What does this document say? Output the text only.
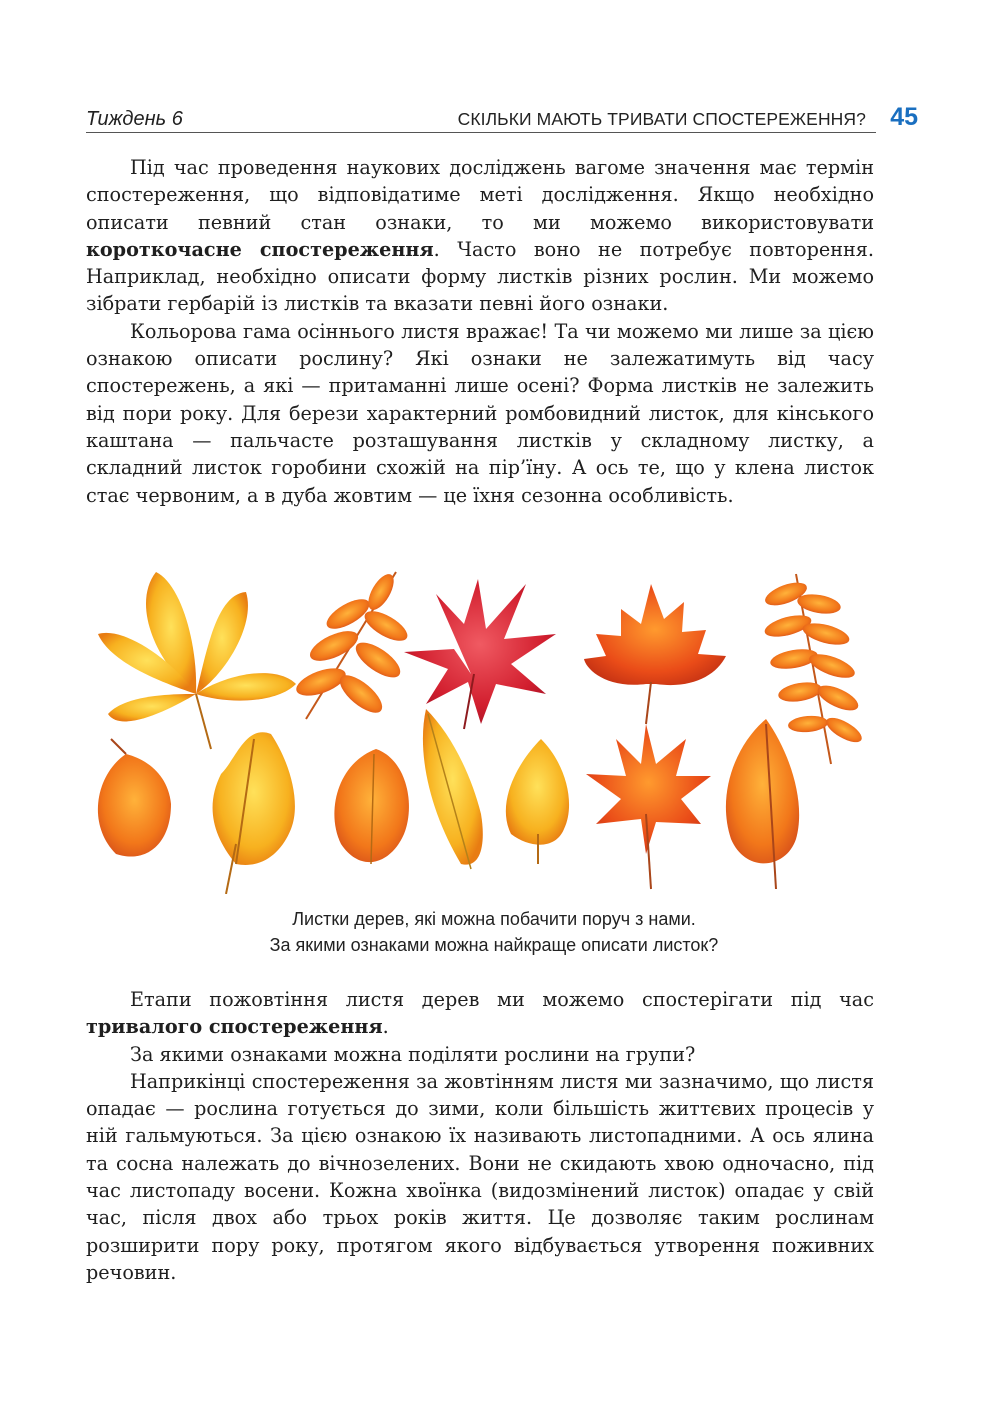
Тиждень 6	СКІЛЬКИ МАЮТЬ ТРИВАТИ СПОСТЕРЕЖЕННЯ? 45

Під час проведення наукових досліджень вагоме значення має термін спостереження, що відповідатиме меті дослідження. Якщо необхідно описати певний стан ознаки, то ми можемо використовувати короткочасне спостереження. Часто воно не потребує повторення. Наприклад, необхідно описати форму листків різних рослин. Ми можемо зібрати гербарій із листків та вказати певні його ознаки.

Кольорова гама осіннього листя вражає! Та чи можемо ми лише за цією ознакою описати рослину? Які ознаки не залежатимуть від часу спостережень, а які — притаманні лише осені? Форма листків не залежить від пори року. Для берези характерний ромбовидний листок, для кінського каштана — пальчасте розташування листків у складному листку, а складний листок горобини схожій на пір’їну. А ось те, що у клена листок стає червоним, а в дуба жовтим — це їхня сезонна особливість.

Листки дерев, які можна побачити поруч з нами.
За якими ознаками можна найкраще описати листок?

Етапи пожовтіння листя дерев ми можемо спостерігати під час тривалого спостереження.

За якими ознаками можна поділяти рослини на групи?

Наприкінці спостереження за жовтінням листя ми зазначимо, що листя опадає — рослина готується до зими, коли більшість життєвих процесів у ній гальмуються. За цією ознакою їх називають листопадними. А ось ялина та сосна належать до вічнозелених. Вони не скидають хвою одночасно, під час листопаду восени. Кожна хвоїнка (видозмінений листок) опадає у свій час, після двох або трьох років життя. Це дозволяє таким рослинам розширити пору року, протягом якого відбувається утворення поживних речовин.
